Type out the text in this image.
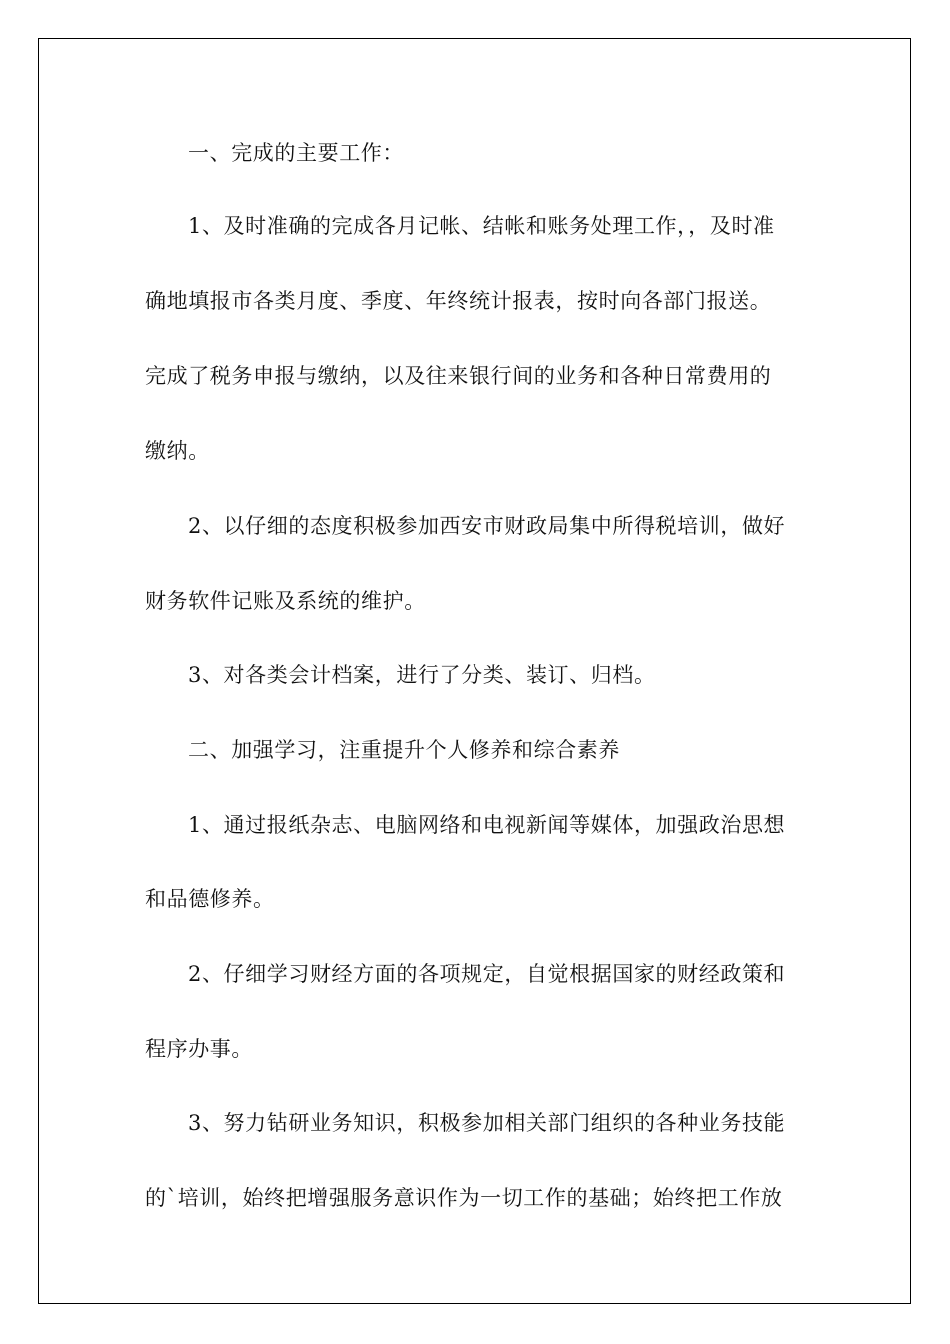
一、完成的主要工作：
1、及时准确的完成各月记帐、结帐和账务处理工作，，及时准
确地填报市各类月度、季度、年终统计报表，按时向各部门报送。
完成了税务申报与缴纳，以及往来银行间的业务和各种日常费用的
缴纳。
2、以仔细的态度积极参加西安市财政局集中所得税培训，做好
财务软件记账及系统的维护。
3、对各类会计档案，进行了分类、装订、归档。
二、加强学习，注重提升个人修养和综合素养
1、通过报纸杂志、电脑网络和电视新闻等媒体，加强政治思想
和品德修养。
2、仔细学习财经方面的各项规定，自觉根据国家的财经政策和
程序办事。
3、努力钻研业务知识，积极参加相关部门组织的各种业务技能
的`培训，始终把增强服务意识作为一切工作的基础；始终把工作放
